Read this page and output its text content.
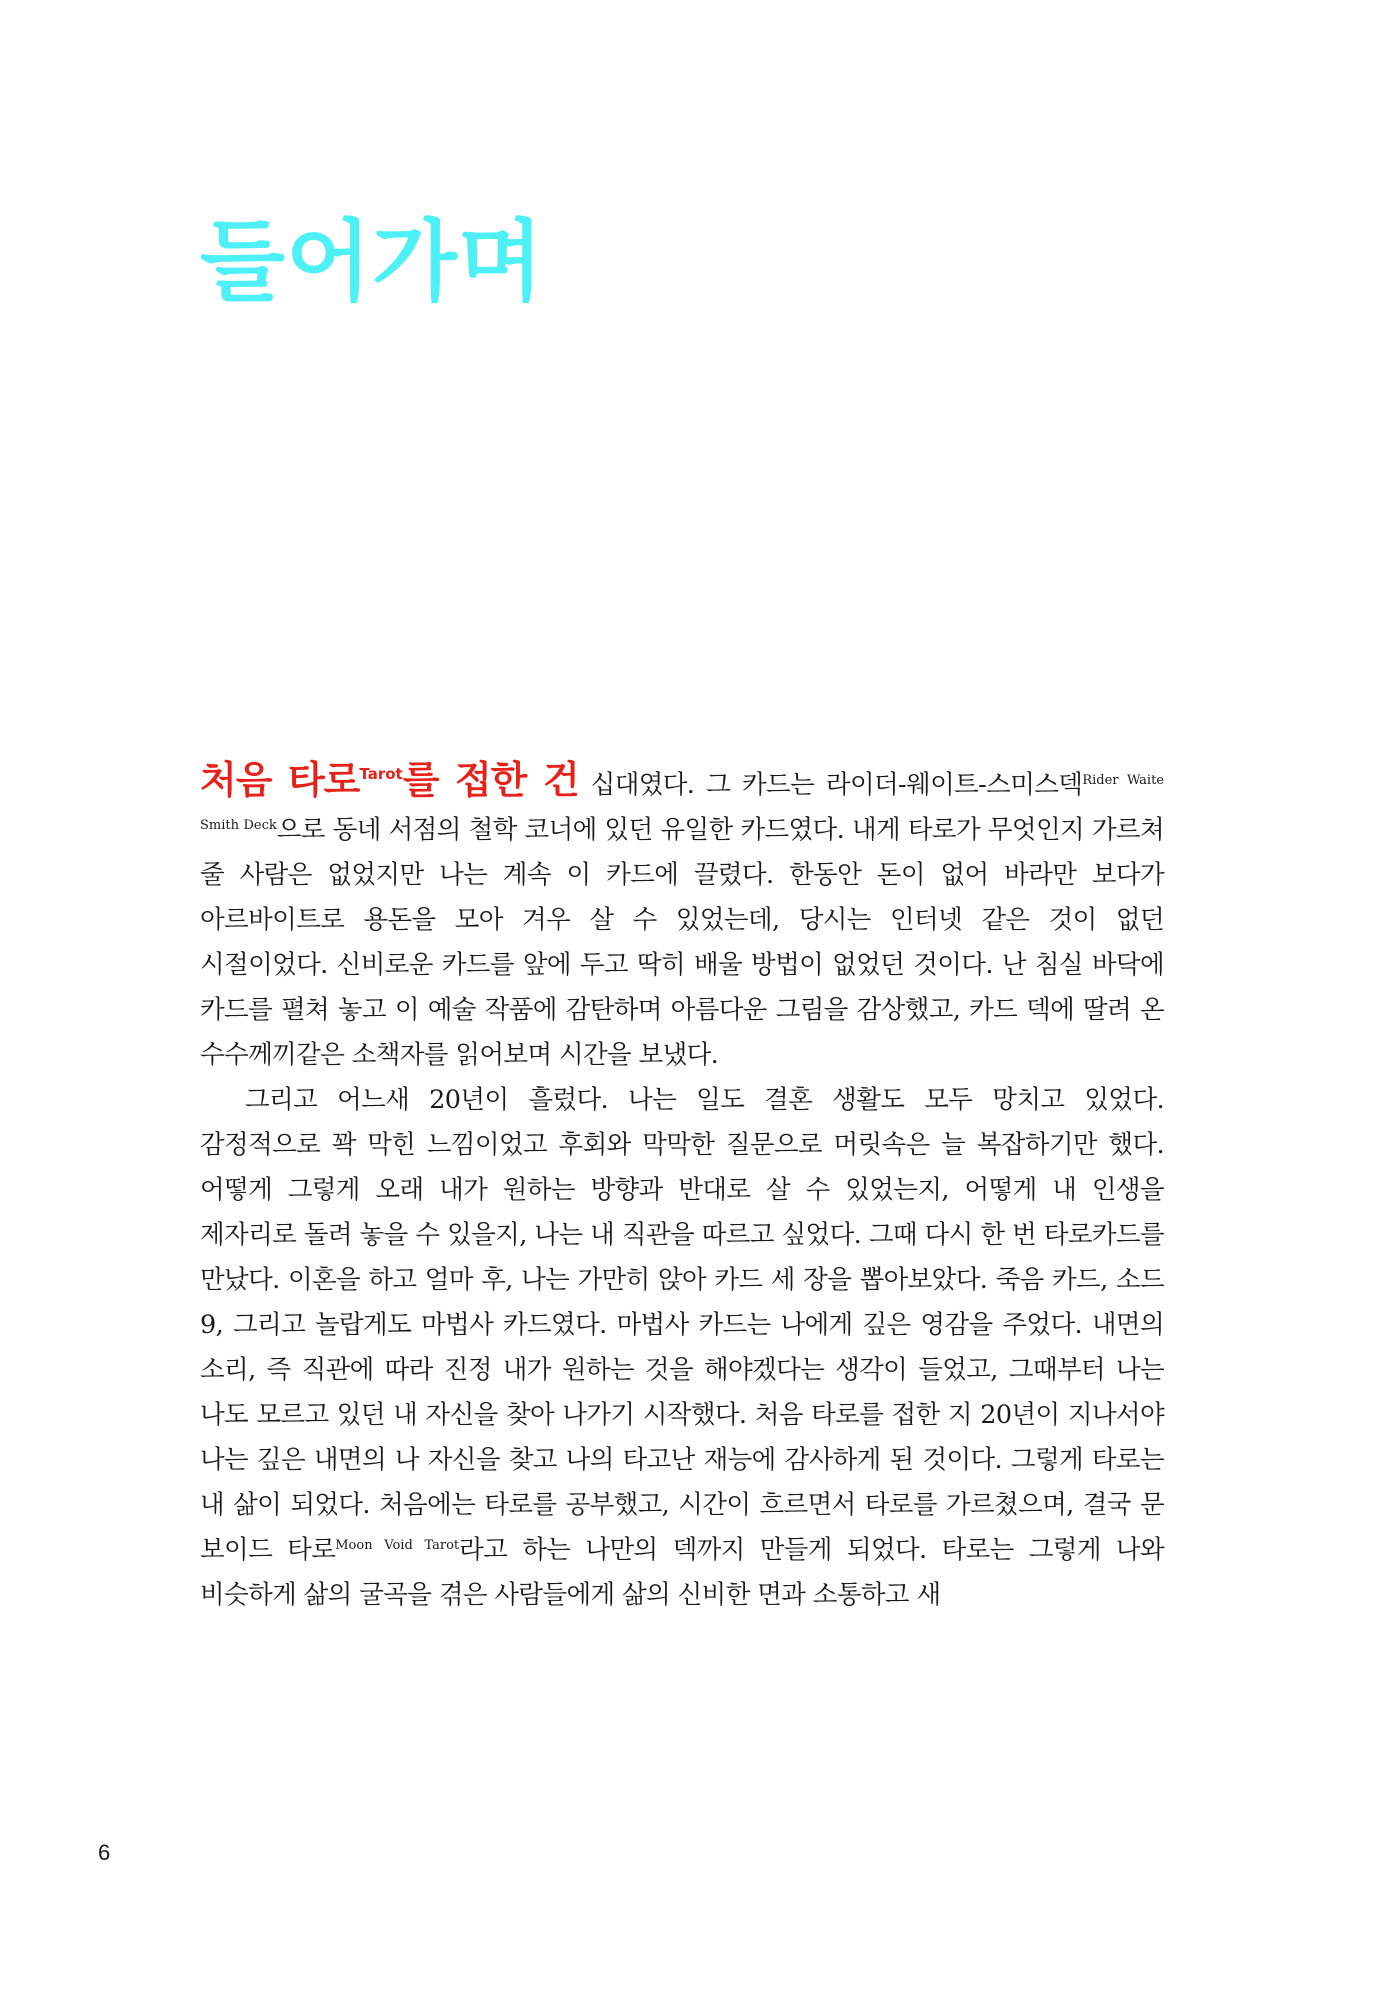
들어가며

처음 타로$^{Tarot}$를 접한 건 십대였다. 그 카드는 라이더-웨이트-스미스덱$^{Rider Waite Smith Deck}$으로 동네 서점의 철학 코너에 있던 유일한 카드였다. 내게 타로가 무엇인지 가르쳐 줄 사람은 없었지만 나는 계속 이 카드에 끌렸다. 한동안 돈이 없어 바라만 보다가 아르바이트로 용돈을 모아 겨우 살 수 있었는데, 당시는 인터넷 같은 것이 없던 시절이었다. 신비로운 카드를 앞에 두고 딱히 배울 방법이 없었던 것이다. 난 침실 바닥에 카드를 펼쳐 놓고 이 예술 작품에 감탄하며 아름다운 그림을 감상했고, 카드 덱에 딸려 온 수수께끼같은 소책자를 읽어보며 시간을 보냈다.

그리고 어느새 20년이 흘렀다. 나는 일도 결혼 생활도 모두 망치고 있었다. 감정적으로 꽉 막힌 느낌이었고 후회와 막막한 질문으로 머릿속은 늘 복잡하기만 했다. 어떻게 그렇게 오래 내가 원하는 방향과 반대로 살 수 있었는지, 어떻게 내 인생을 제자리로 돌려 놓을 수 있을지, 나는 내 직관을 따르고 싶었다. 그때 다시 한 번 타로카드를 만났다. 이혼을 하고 얼마 후, 나는 가만히 앉아 카드 세 장을 뽑아보았다. 죽음 카드, 소드 9, 그리고 놀랍게도 마법사 카드였다. 마법사 카드는 나에게 깊은 영감을 주었다. 내면의 소리, 즉 직관에 따라 진정 내가 원하는 것을 해야겠다는 생각이 들었고, 그때부터 나는 나도 모르고 있던 내 자신을 찾아 나가기 시작했다. 처음 타로를 접한 지 20년이 지나서야 나는 깊은 내면의 나 자신을 찾고 나의 타고난 재능에 감사하게 된 것이다. 그렇게 타로는 내 삶이 되었다. 처음에는 타로를 공부했고, 시간이 흐르면서 타로를 가르쳤으며, 결국 문 보이드 타로$^{Moon Void Tarot}$라고 하는 나만의 덱까지 만들게 되었다. 타로는 그렇게 나와 비슷하게 삶의 굴곡을 겪은 사람들에게 삶의 신비한 면과 소통하고 새

6
